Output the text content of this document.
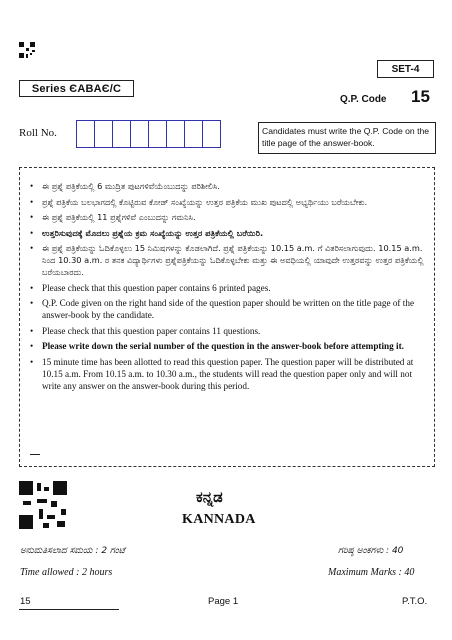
SET-4
Series ЄABAЄ/C
Q.P. Code 15
Roll No.	Candidates must write the Q.P. Code on the title page of the answer-book.
• ಈ ಪ್ರಶ್ನೆ ಪತ್ರಿಕೆಯಲ್ಲಿ 6 ಮುದ್ರಿತ ಪುಟಗಳಿವೆಯೆಂಬುದನ್ನು ಪರಿಶೀಲಿಸಿ.
• ಪ್ರಶ್ನೆ ಪತ್ರಿಕೆಯ ಬಲಭಾಗದಲ್ಲಿ ಕೊಟ್ಟಿರುವ ಕೋಡ್ ಸಂಖ್ಯೆಯನ್ನು ಉತ್ತರ ಪತ್ರಿಕೆಯ ಮುಖ ಪುಟದಲ್ಲಿ ಅಭ್ಯರ್ಥಿಯು ಬರೆಯಬೇಕು.
• ಈ ಪ್ರಶ್ನೆ ಪತ್ರಿಕೆಯಲ್ಲಿ 11 ಪ್ರಶ್ನೆಗಳಿವೆ ಎಂಬುದನ್ನು ಗಮನಿಸಿ.
• ಉತ್ತರಿಸುವುದಕ್ಕೆ ಮೊದಲು ಪ್ರಶ್ನೆಯ ಕ್ರಮ ಸಂಖ್ಯೆಯನ್ನು ಉತ್ತರ ಪತ್ರಿಕೆಯಲ್ಲಿ ಬರೆಯಿರಿ.
• ಈ ಪ್ರಶ್ನೆ ಪತ್ರಿಕೆಯನ್ನು ಓದಿಕೊಳ್ಳಲು 15 ನಿಮಿಷಗಳನ್ನು ಕೊಡಲಾಗಿದೆ. ಪ್ರಶ್ನೆ ಪತ್ರಿಕೆಯನ್ನು 10.15 a.m. ಗೆ ವಿತರಿಸಲಾಗುವುದು. 10.15 a.m. ನಿಂದ 10.30 a.m. ರ ತನಕ ವಿದ್ಯಾರ್ಥಿಗಳು ಪ್ರಶ್ನೆಪತ್ರಿಕೆಯನ್ನು ಓದಿಕೊಳ್ಳಬೇಕು ಮತ್ತು ಈ ಅವಧಿಯಲ್ಲಿ ಯಾವುದೇ ಉತ್ತರವನ್ನು ಉತ್ತರ ಪತ್ರಿಕೆಯಲ್ಲಿ ಬರೆಯಬಾರದು.
• Please check that this question paper contains 6 printed pages.
• Q.P. Code given on the right hand side of the question paper should be written on the title page of the answer-book by the candidate.
• Please check that this question paper contains 11 questions.
• Please write down the serial number of the question in the answer-book before attempting it.
• 15 minute time has been allotted to read this question paper. The question paper will be distributed at 10.15 a.m. From 10.15 a.m. to 10.30 a.m., the students will read the question paper only and will not write any answer on the answer-book during this period.
ಕನ್ನಡ
KANNADA
ಅನುಮತಿಸಲಾದ ಸಮಯ : 2 ಗಂಟೆ	ಗರಿಷ್ಠ ಅಂಕಗಳು : 40
Time allowed : 2 hours	Maximum Marks : 40
15	Page 1	P.T.O.
